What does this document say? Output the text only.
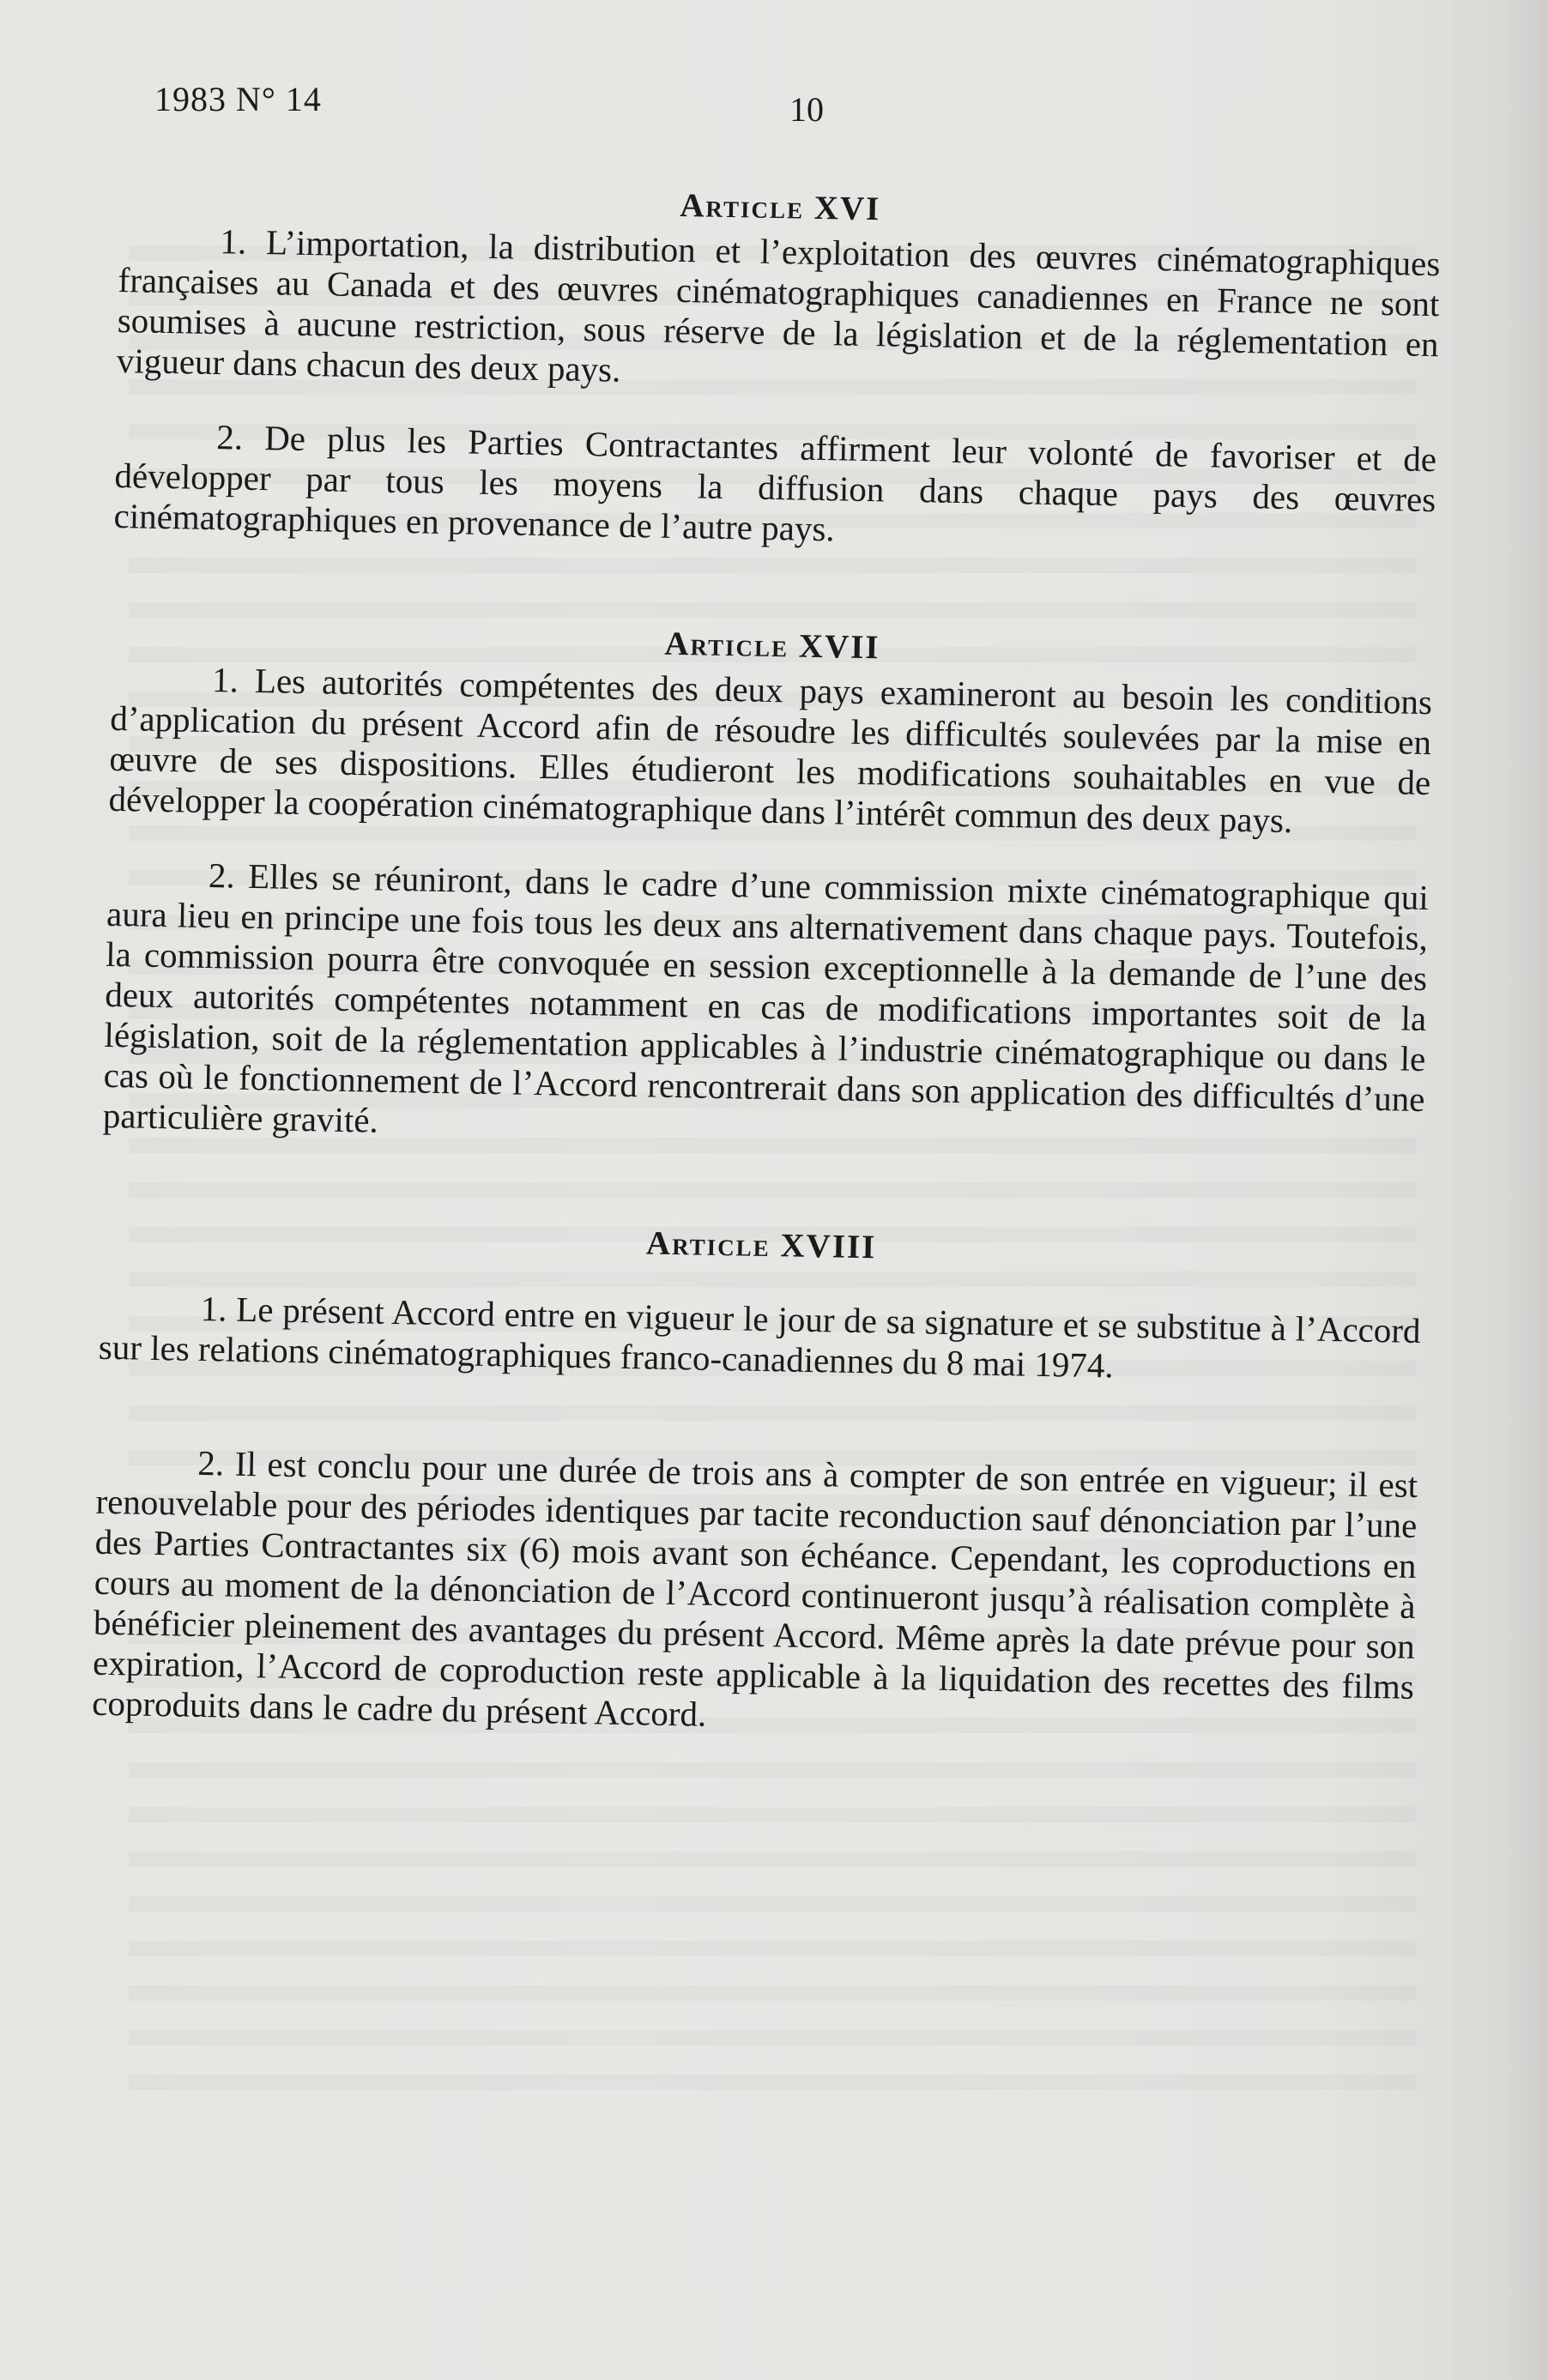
1983 N° 14	10
Article XVI

1. L’importation, la distribution et l’exploitation des œuvres cinématographiques françaises au Canada et des œuvres cinématographiques canadiennes en France ne sont soumises à aucune restriction, sous réserve de la législation et de la réglementation en vigueur dans chacun des deux pays.

2. De plus les Parties Contractantes affirment leur volonté de favoriser et de développer par tous les moyens la diffusion dans chaque pays des œuvres cinématographiques en provenance de l’autre pays.

Article XVII

1. Les autorités compétentes des deux pays examineront au besoin les conditions d’application du présent Accord afin de résoudre les difficultés soulevées par la mise en œuvre de ses dispositions. Elles étudieront les modifications souhaitables en vue de développer la coopération cinématographique dans l’intérêt commun des deux pays.

2. Elles se réuniront, dans le cadre d’une commission mixte cinématographique qui aura lieu en principe une fois tous les deux ans alternativement dans chaque pays. Toutefois, la commission pourra être convoquée en session exceptionnelle à la demande de l’une des deux autorités compétentes notamment en cas de modifications importantes soit de la législation, soit de la réglementation applicables à l’industrie cinématographique ou dans le cas où le fonctionnement de l’Accord rencontrerait dans son application des difficultés d’une particulière gravité.

Article XVIII

1. Le présent Accord entre en vigueur le jour de sa signature et se substitue à l’Accord sur les relations cinématographiques franco-canadiennes du 8 mai 1974.

2. Il est conclu pour une durée de trois ans à compter de son entrée en vigueur; il est renouvelable pour des périodes identiques par tacite reconduction sauf dénonciation par l’une des Parties Contractantes six (6) mois avant son échéance. Cependant, les coproductions en cours au moment de la dénonciation de l’Accord continueront jusqu’à réalisation complète à bénéficier pleinement des avantages du présent Accord. Même après la date prévue pour son expiration, l’Accord de coproduction reste applicable à la liquidation des recettes des films coproduits dans le cadre du présent Accord.
